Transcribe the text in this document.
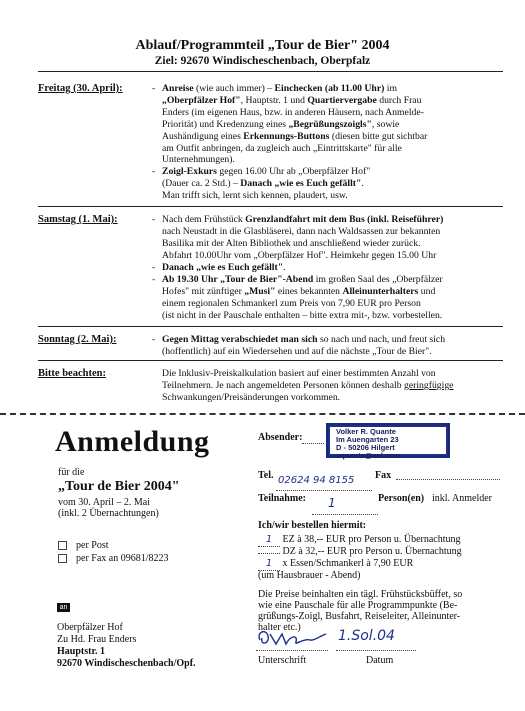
Ablauf/Programmteil „Tour de Bier" 2004
Ziel: 92670 Windischeschenbach, Oberpfalz
Freitag (30. April):	- Anreise (wie auch immer) – Einchecken (ab 11.00 Uhr) im
„Oberpfälzer Hof", Hauptstr. 1 und Quartiervergabe durch Frau
Enders (im eigenen Haus, bzw. in anderen Häusern, nach Anmelde-
Priorität) und Kredenzung eines „Begrüßungszoigls", sowie
Aushändigung eines Erkennungs-Buttons (diesen bitte gut sichtbar
am Outfit anbringen, da zugleich auch „Eintrittskarte" für alle
Unternehmungen).
- Zoigl-Exkurs gegen 16.00 Uhr ab „Oberpfälzer Hof"
(Dauer ca. 2 Std.) – Danach „wie es Euch gefällt".
Man trifft sich, lernt sich kennen, plaudert, usw.
Samstag (1. Mai):	- Nach dem Frühstück Grenzlandfahrt mit dem Bus (inkl. Reiseführer)
nach Neustadt in die Glasbläserei, dann nach Waldsassen zur bekannten
Basilika mit der Alten Bibliothek und anschließend wieder zurück.
Abfahrt 10.00Uhr vom „Oberpfälzer Hof". Heimkehr gegen 15.00 Uhr
- Danach „wie es Euch gefällt".
- Ab 19.30 Uhr „Tour de Bier"-Abend im großen Saal des „Oberpfälzer
Hofes" mit zünftiger „Musi" eines bekannten Alleinunterhalters und
einem regionalen Schmankerl zum Preis von 7,90 EUR pro Person
(ist nicht in der Pauschale enthalten – bitte extra mit-, bzw. vorbestellen.
Sonntag (2. Mai):	- Gegen Mittag verabschiedet man sich so nach und nach, und freut sich
(hoffentlich) auf ein Wiedersehen und auf die nächste „Tour de Bier".
Bitte beachten:	Die Inklusiv-Preiskalkulation basiert auf einer bestimmten Anzahl von
Teilnehmern. Je nach angemeldeten Personen können deshalb geringfügige
Schwankungen/Preisänderungen vorkommen.
Anmeldung
für die
„Tour de Bier 2004"
vom 30. April – 2. Mai
(inkl. 2 Übernachtungen)
per Post
per Fax an 09681/8223
an
Oberpfälzer Hof
Zu Hd. Frau Enders
Hauptstr. 1
92670 Windischeschenbach/Opf.
Absender:
Volker R. Quante
Im Auengarten 23
D - 50206 Hilgert
vquante@aol.com
Tel. 02624 94 8155 Fax
Teilnahme: 1	Person(en) inkl. Anmelder
Ich/wir bestellen hiermit:
1 EZ à 38,-- EUR pro Person u. Übernachtung
DZ à 32,-- EUR pro Person u. Übernachtung
1 x Essen/Schmankerl à 7,90 EUR
(um Hausbrauer - Abend)
Die Preise beinhalten ein tägl. Frühstücksbüffet, so
wie eine Pauschale für alle Programmpunkte (Be-
grüßungs-Zoigl, Busfahrt, Reiseleiter, Alleinunter-
halter etc.)
1.Sol.04
Unterschrift	Datum
